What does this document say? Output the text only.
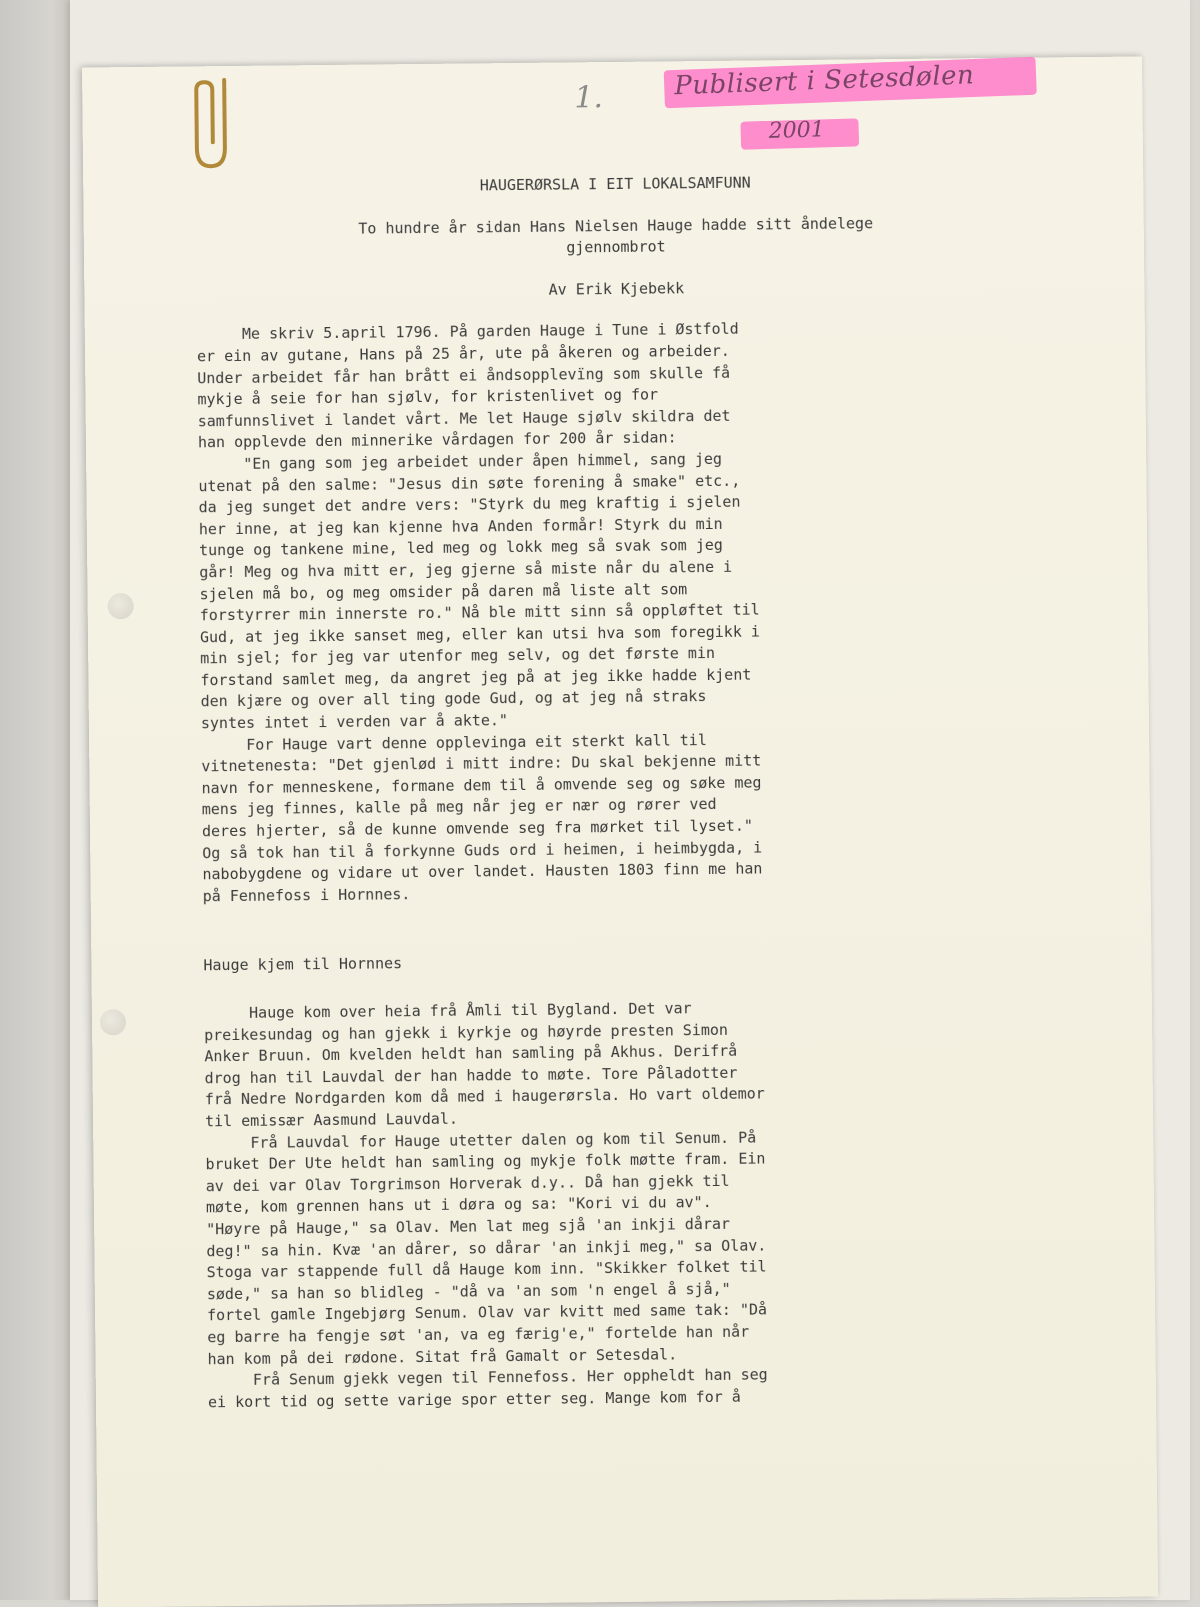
1.	Publisert i Setesdølen
2001
HAUGERØRSLA I EIT LOKALSAMFUNN
To hundre år sidan Hans Nielsen Hauge hadde sitt åndelege
gjennombrot
Av Erik Kjebekk
Me skriv 5.april 1796. På garden Hauge i Tune i Østfold
er ein av gutane, Hans på 25 år, ute på åkeren og arbeider.
Under arbeidet får han brått ei åndsopplevïng som skulle få
mykje å seie for han sjølv, for kristenlivet og for
samfunnslivet i landet vårt. Me let Hauge sjølv skildra det
han opplevde den minnerike vårdagen for 200 år sidan:
"En gang som jeg arbeidet under åpen himmel, sang jeg
utenat på den salme: "Jesus din søte forening å smake" etc.,
da jeg sunget det andre vers: "Styrk du meg kraftig i sjelen
her inne, at jeg kan kjenne hva Anden formår! Styrk du min
tunge og tankene mine, led meg og lokk meg så svak som jeg
går! Meg og hva mitt er, jeg gjerne så miste når du alene i
sjelen må bo, og meg omsider på daren må liste alt som
forstyrrer min innerste ro." Nå ble mitt sinn så oppløftet til
Gud, at jeg ikke sanset meg, eller kan utsi hva som foregikk i
min sjel; for jeg var utenfor meg selv, og det første min
forstand samlet meg, da angret jeg på at jeg ikke hadde kjent
den kjære og over all ting gode Gud, og at jeg nå straks
syntes intet i verden var å akte."
For Hauge vart denne opplevinga eit sterkt kall til
vitnetenesta: "Det gjenlød i mitt indre: Du skal bekjenne mitt
navn for menneskene, formane dem til å omvende seg og søke meg
mens jeg finnes, kalle på meg når jeg er nær og rører ved
deres hjerter, så de kunne omvende seg fra mørket til lyset."
Og så tok han til å forkynne Guds ord i heimen, i heimbygda, i
nabobygdene og vidare ut over landet. Hausten 1803 finn me han
på Fennefoss i Hornnes.
Hauge kjem til Hornnes
Hauge kom over heia frå Åmli til Bygland. Det var
preikesundag og han gjekk i kyrkje og høyrde presten Simon
Anker Bruun. Om kvelden heldt han samling på Akhus. Derifrå
drog han til Lauvdal der han hadde to møte. Tore Påladotter
frå Nedre Nordgarden kom då med i haugerørsla. Ho vart oldemor
til emissær Aasmund Lauvdal.
Frå Lauvdal for Hauge utetter dalen og kom til Senum. På
bruket Der Ute heldt han samling og mykje folk møtte fram. Ein
av dei var Olav Torgrimson Horverak d.y.. Då han gjekk til
møte, kom grennen hans ut i døra og sa: "Kori vi du av".
"Høyre på Hauge," sa Olav. Men lat meg sjå 'an inkji dårar
deg!" sa hin. Kvæ 'an dårer, so dårar 'an inkji meg," sa Olav.
Stoga var stappende full då Hauge kom inn. "Skikker folket til
søde," sa han so blidleg - "då va 'an som 'n engel å sjå,"
fortel gamle Ingebjørg Senum. Olav var kvitt med same tak: "Då
eg barre ha fengje søt 'an, va eg færig'e," fortelde han når
han kom på dei rødone. Sitat frå Gamalt or Setesdal.
Frå Senum gjekk vegen til Fennefoss. Her oppheldt han seg
ei kort tid og sette varige spor etter seg. Mange kom for å
